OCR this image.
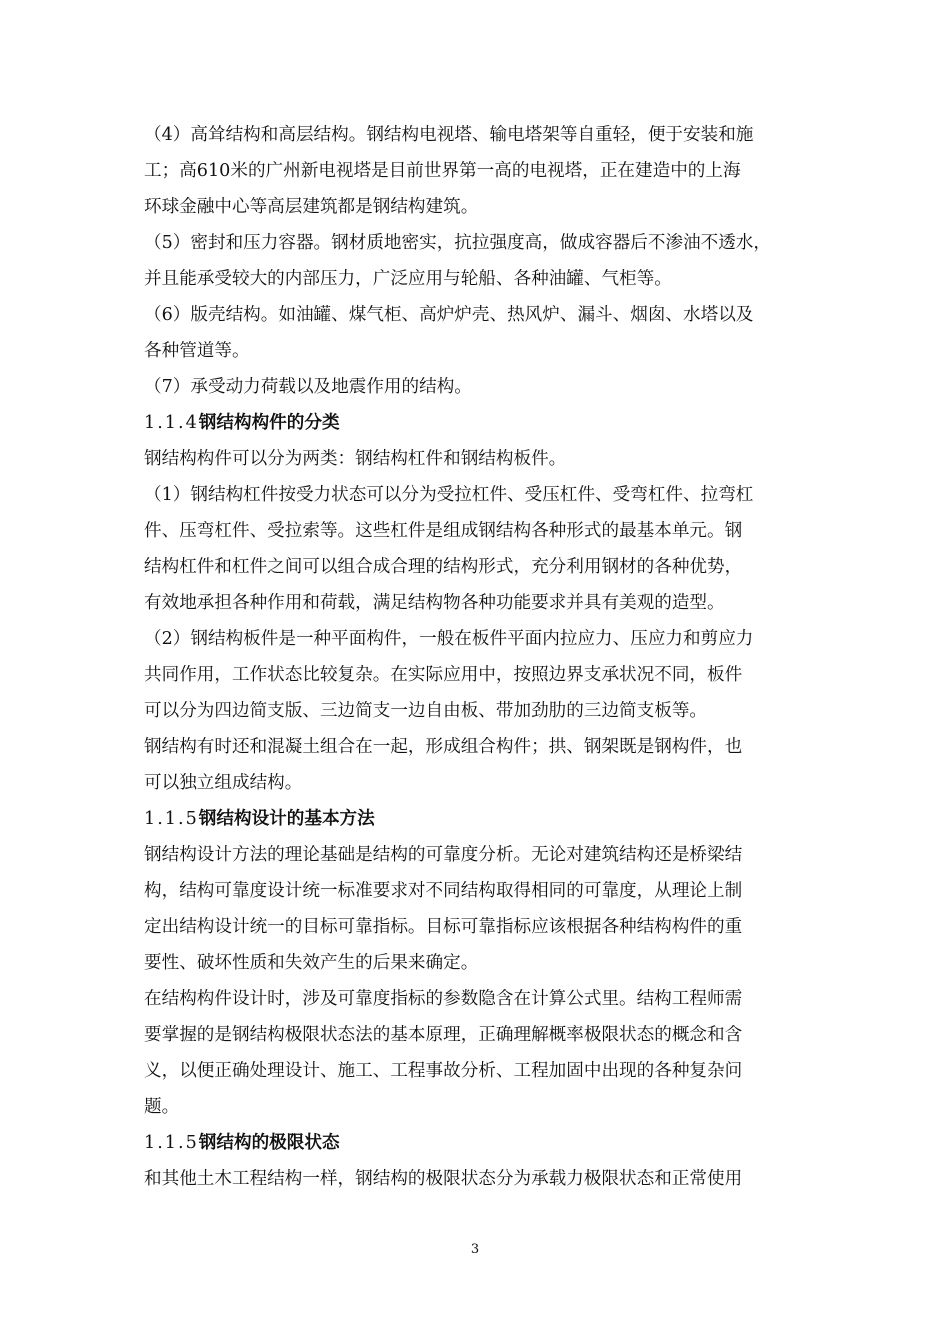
（4）高耸结构和高层结构。钢结构电视塔、输电塔架等自重轻，便于安装和施
工；高610米的广州新电视塔是目前世界第一高的电视塔，正在建造中的上海
环球金融中心等高层建筑都是钢结构建筑。
（5）密封和压力容器。钢材质地密实，抗拉强度高，做成容器后不渗油不透水，
并且能承受较大的内部压力，广泛应用与轮船、各种油罐、气柜等。
（6）版壳结构。如油罐、煤气柜、高炉炉壳、热风炉、漏斗、烟囱、水塔以及
各种管道等。
（7）承受动力荷载以及地震作用的结构。
1.1.4钢结构构件的分类
钢结构构件可以分为两类：钢结构杠件和钢结构板件。
（1）钢结构杠件按受力状态可以分为受拉杠件、受压杠件、受弯杠件、拉弯杠
件、压弯杠件、受拉索等。这些杠件是组成钢结构各种形式的最基本单元。钢
结构杠件和杠件之间可以组合成合理的结构形式，充分利用钢材的各种优势，
有效地承担各种作用和荷载，满足结构物各种功能要求并具有美观的造型。
（2）钢结构板件是一种平面构件，一般在板件平面内拉应力、压应力和剪应力
共同作用，工作状态比较复杂。在实际应用中，按照边界支承状况不同，板件
可以分为四边简支版、三边简支一边自由板、带加劲肋的三边简支板等。
钢结构有时还和混凝土组合在一起，形成组合构件；拱、钢架既是钢构件，也
可以独立组成结构。
1.1.5钢结构设计的基本方法
钢结构设计方法的理论基础是结构的可靠度分析。无论对建筑结构还是桥梁结
构，结构可靠度设计统一标准要求对不同结构取得相同的可靠度，从理论上制
定出结构设计统一的目标可靠指标。目标可靠指标应该根据各种结构构件的重
要性、破坏性质和失效产生的后果来确定。
在结构构件设计时，涉及可靠度指标的参数隐含在计算公式里。结构工程师需
要掌握的是钢结构极限状态法的基本原理，正确理解概率极限状态的概念和含
义，以便正确处理设计、施工、工程事故分析、工程加固中出现的各种复杂问
题。
1.1.5钢结构的极限状态
和其他土木工程结构一样，钢结构的极限状态分为承载力极限状态和正常使用
3
